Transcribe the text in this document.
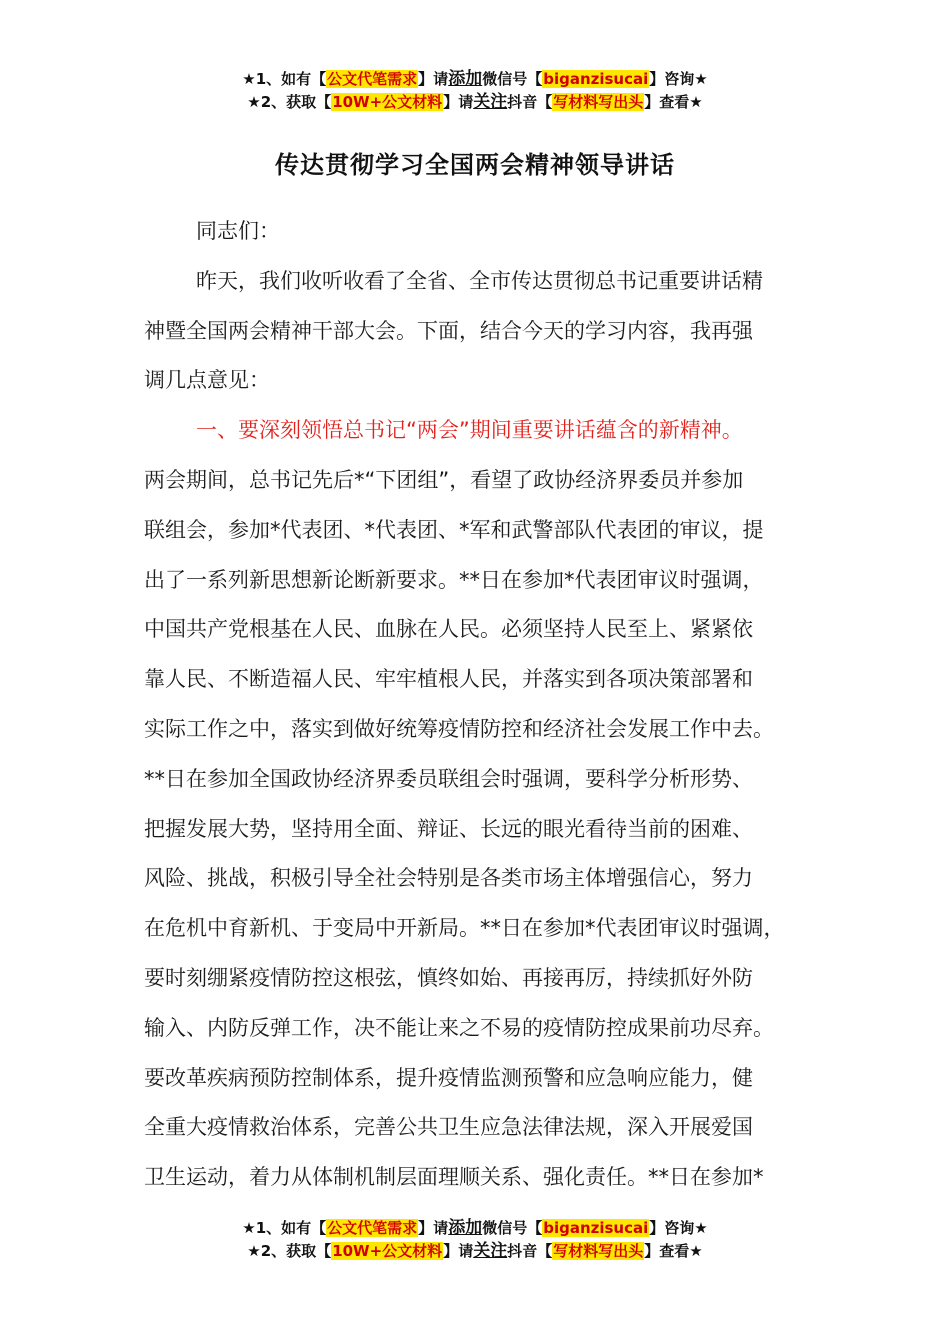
★1、如有【公文代笔需求】请添加微信号【biganzisucai】咨询★
★2、获取【10W+公文材料】请关注抖音【写材料写出头】查看★
传达贯彻学习全国两会精神领导讲话

同志们：

昨天，我们收听收看了全省、全市传达贯彻总书记重要讲话精

神暨全国两会精神干部大会。下面，结合今天的学习内容，我再强

调几点意见：

一、要深刻领悟总书记“两会”期间重要讲话蕴含的新精神。

两会期间，总书记先后*“下团组”，看望了政协经济界委员并参加

联组会，参加*代表团、*代表团、*军和武警部队代表团的审议，提

出了一系列新思想新论断新要求。**日在参加*代表团审议时强调，

中国共产党根基在人民、血脉在人民。必须坚持人民至上、紧紧依

靠人民、不断造福人民、牢牢植根人民，并落实到各项决策部署和

实际工作之中，落实到做好统筹疫情防控和经济社会发展工作中去。

**日在参加全国政协经济界委员联组会时强调，要科学分析形势、

把握发展大势，坚持用全面、辩证、长远的眼光看待当前的困难、

风险、挑战，积极引导全社会特别是各类市场主体增强信心，努力

在危机中育新机、于变局中开新局。**日在参加*代表团审议时强调，

要时刻绷紧疫情防控这根弦，慎终如始、再接再厉，持续抓好外防

输入、内防反弹工作，决不能让来之不易的疫情防控成果前功尽弃。

要改革疾病预防控制体系，提升疫情监测预警和应急响应能力，健

全重大疫情救治体系，完善公共卫生应急法律法规，深入开展爱国

卫生运动，着力从体制机制层面理顺关系、强化责任。**日在参加*

★1、如有【公文代笔需求】请添加微信号【biganzisucai】咨询★
★2、获取【10W+公文材料】请关注抖音【写材料写出头】查看★
